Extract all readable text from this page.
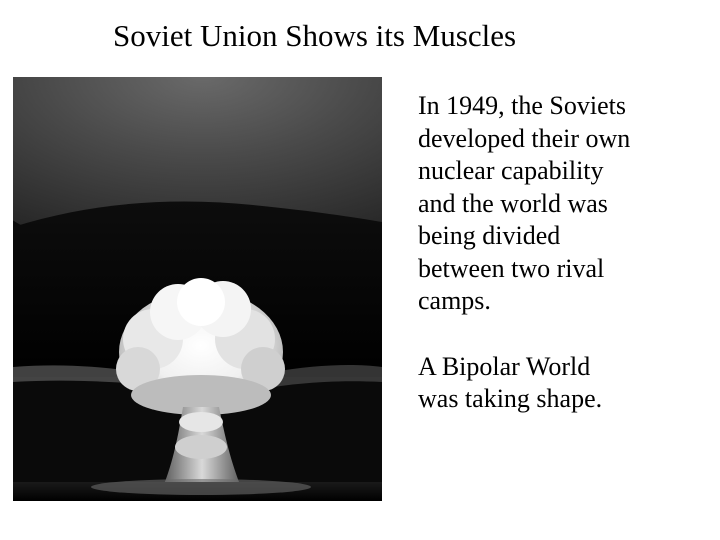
Soviet Union Shows its Muscles

In 1949, the Soviets
developed their own
nuclear capability
and the world was
being divided
between two rival
camps.

A Bipolar World
was taking shape.
